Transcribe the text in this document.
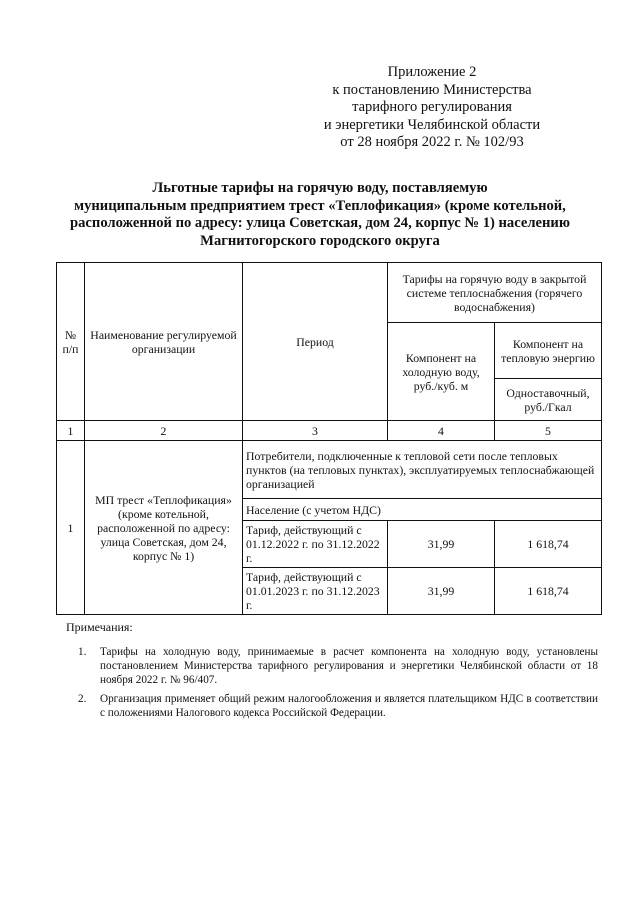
Приложение 2
к постановлению Министерства
тарифного регулирования
и энергетики Челябинской области
от 28 ноября 2022 г. № 102/93
Льготные тарифы на горячую воду, поставляемую
муниципальным предприятием трест «Теплофикация» (кроме котельной,
расположенной по адресу: улица Советская, дом 24, корпус № 1) населению
Магнитогорского городского округа
№ п/п	Наименование регулируемой организации	Период	Тарифы на горячую воду в закрытой системе теплоснабжения (горячего водоснабжения)	
			Компонент на холодную воду, руб./куб. м	Компонент на тепловую энергию
				Одноставочный, руб./Гкал
1	2	3	4	5
1	МП трест «Теплофикация» (кроме котельной, расположенной по адресу: улица Советская, дом 24, корпус № 1)	Потребители, подключенные к тепловой сети после тепловых пунктов (на тепловых пунктах), эксплуатируемых теплоснабжающей организацией		
		Население (с учетом НДС)		
		Тариф, действующий с 01.12.2022 г. по 31.12.2022 г.	31,99	1 618,74
		Тариф, действующий с 01.01.2023 г. по 31.12.2023 г.	31,99	1 618,74
Примечания:
1.	Тарифы на холодную воду, принимаемые в расчет компонента на холодную воду, установлены постановлением Министерства тарифного регулирования и энергетики Челябинской области от 18 ноября 2022 г. № 96/407.
2.	Организация применяет общий режим налогообложения и является плательщиком НДС в соответствии с положениями Налогового кодекса Российской Федерации.
